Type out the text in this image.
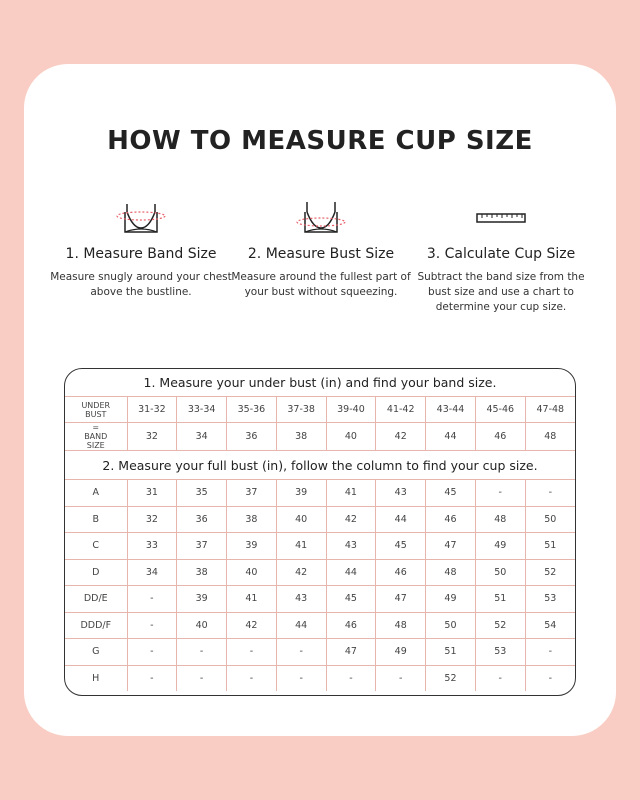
HOW TO MEASURE CUP SIZE
1. Measure Band Size

Measure snugly around your chest above the bustline.

2. Measure Bust Size

Measure around the fullest part of your bust without squeezing.

3. Calculate Cup Size

Subtract the band size from the bust size and use a chart to determine your cup size.

1. Measure your under bust (in) and find your band size.									
UNDER
BUST	31-32	33-34	35-36	37-38	39-40	41-42	43-44	45-46	47-48
=
BAND
SIZE	32	34	36	38	40	42	44	46	48
2. Measure your full bust (in), follow the column to find your cup size.									
A	31	35	37	39	41	43	45	-	-
B	32	36	38	40	42	44	46	48	50
C	33	37	39	41	43	45	47	49	51
D	34	38	40	42	44	46	48	50	52
DD/E	-	39	41	43	45	47	49	51	53
DDD/F	-	40	42	44	46	48	50	52	54
G	-	-	-	-	47	49	51	53	-
H	-	-	-	-	-	-	52	-	-
